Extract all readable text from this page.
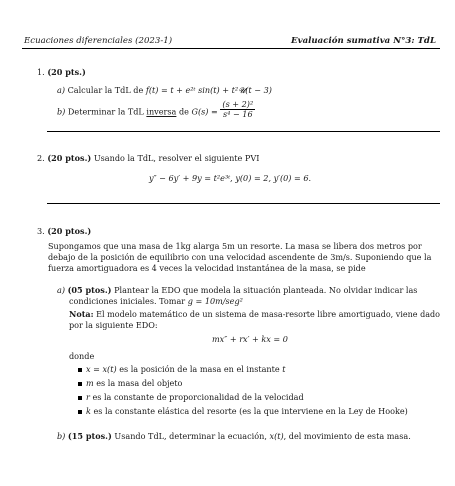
Ecuaciones diferenciales (2023-1)	Evaluación sumativa N°3: TdL
1. (20 pts.)
a) Calcular la TdL de f(t) = t + e²ᵗ sin(t) + t²𝓤(t − 3)
b) Determinar la TdL inversa de $G(s) = \frac{\text{(s + 2)²}}{\text{s⁴ − 16}}$
2. (20 ptos.) Usando la TdL, resolver el siguiente PVI
y″ − 6y′ + 9y = t²e³ᵗ, y(0) = 2, y′(0) = 6.
3. (20 ptos.)
Supongamos que una masa de 1kg alarga 5m un resorte. La masa se libera dos metros por
debajo de la posición de equilibrio con una velocidad ascendente de 3m/s. Suponiendo que la
fuerza amortiguadora es 4 veces la velocidad instantánea de la masa, se pide
a) (05 ptos.) Plantear la EDO que modela la situación planteada. No olvidar indicar las
condiciones iniciales. Tomar g = 10m/seg²
Nota: El modelo matemático de un sistema de masa-resorte libre amortiguado, viene dado
por la siguiente EDO:
mx″ + rx′ + kx = 0
donde
x = x(t) es la posición de la masa en el instante t
m es la masa del objeto
r es la constante de proporcionalidad de la velocidad
k es la constante elástica del resorte (es la que interviene en la Ley de Hooke)
b) (15 ptos.) Usando TdL, determinar la ecuación, x(t), del movimiento de esta masa.
